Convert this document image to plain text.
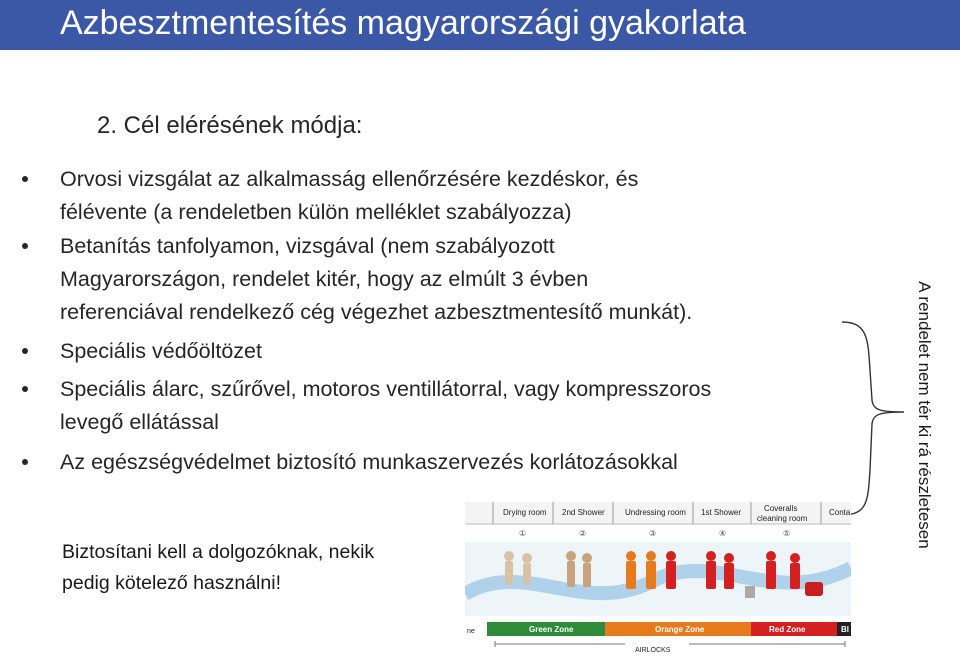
Azbesztmentesítés magyarországi gyakorlata
2. Cél elérésének módja:
Orvosi vizsgálat az alkalmasság ellenőrzésére kezdéskor, és
félévente (a rendeletben külön melléklet szabályozza)
Betanítás tanfolyamon, vizsgával (nem szabályozott
Magyarországon, rendelet kitér, hogy az elmúlt 3 évben
referenciával rendelkező cég végezhet azbesztmentesítő munkát).
Speciális védőöltözet
Speciális álarc, szűrővel, motoros ventillátorral, vagy kompresszoros
levegő ellátással
Az egészségvédelmet biztosító munkaszervezés korlátozásokkal	A rendelet nem tér ki rá részletesen
Biztosítani kell a dolgozóknak, nekik
pedig kötelező használni!
Drying room 2nd Shower	Undressing room 1st Shower	Coveralls cleaning room
Conta
①	②	③	④	⑤
Green Zone	Orange Zone	Red Zone	Bl
ne
AIRLOCKS
